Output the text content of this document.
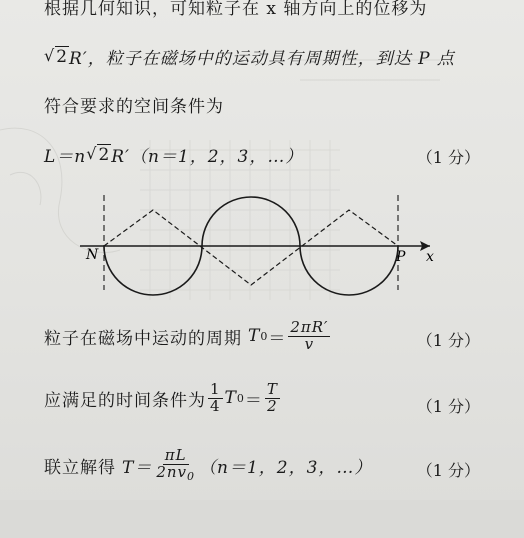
根据几何知识，可知粒子在 x 轴方向上的位移为
√ 2 R′，粒子在磁场中的运动具有周期性，到达 P 点
符合要求的空间条件为
L＝n √ 2 R′（n＝1，2，3，…）	（1 分）
N	P x
粒子在磁场中运动的周期 T $0 = \frac{2\pi R'}{v}$	（1 分）
应满足的时间条件为 $\frac{1}{4}$ T $0 = \frac{T}{2}$	（1 分）
联立解得 $T= \frac{\pi L}{2nv_0} (n=1$，2，3，…）	（1 分）
